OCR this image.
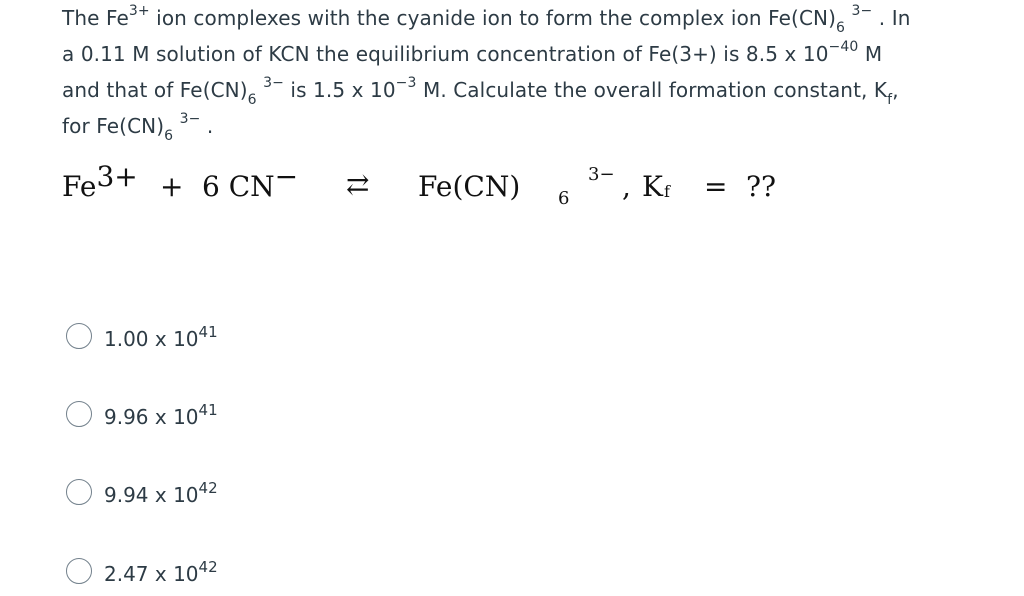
The $Fe^{3+}$ ion complexes with the cyanide ion to form the complex ion $Fe(CN)_6$ $^{3-}$ . In

a 0.11 M solution of KCN the equilibrium concentration of Fe(3+) is 8.5 x $10^{-40}$ M

and that of $Fe(CN)_6$ $^{3-}$ is 1.5 x $10^{-3}$ M. Calculate the overall formation constant, $K_f$,

for $Fe(CN)_6$ $^{3-}$ .

Fe 3+ + 6 CN − ⇄ Fe(CN) 6
3− , K f = ??
1.00 x $10^{41}$
9.96 x $10^{41}$
9.94 x $10^{42}$
2.47 x $10^{42}$
